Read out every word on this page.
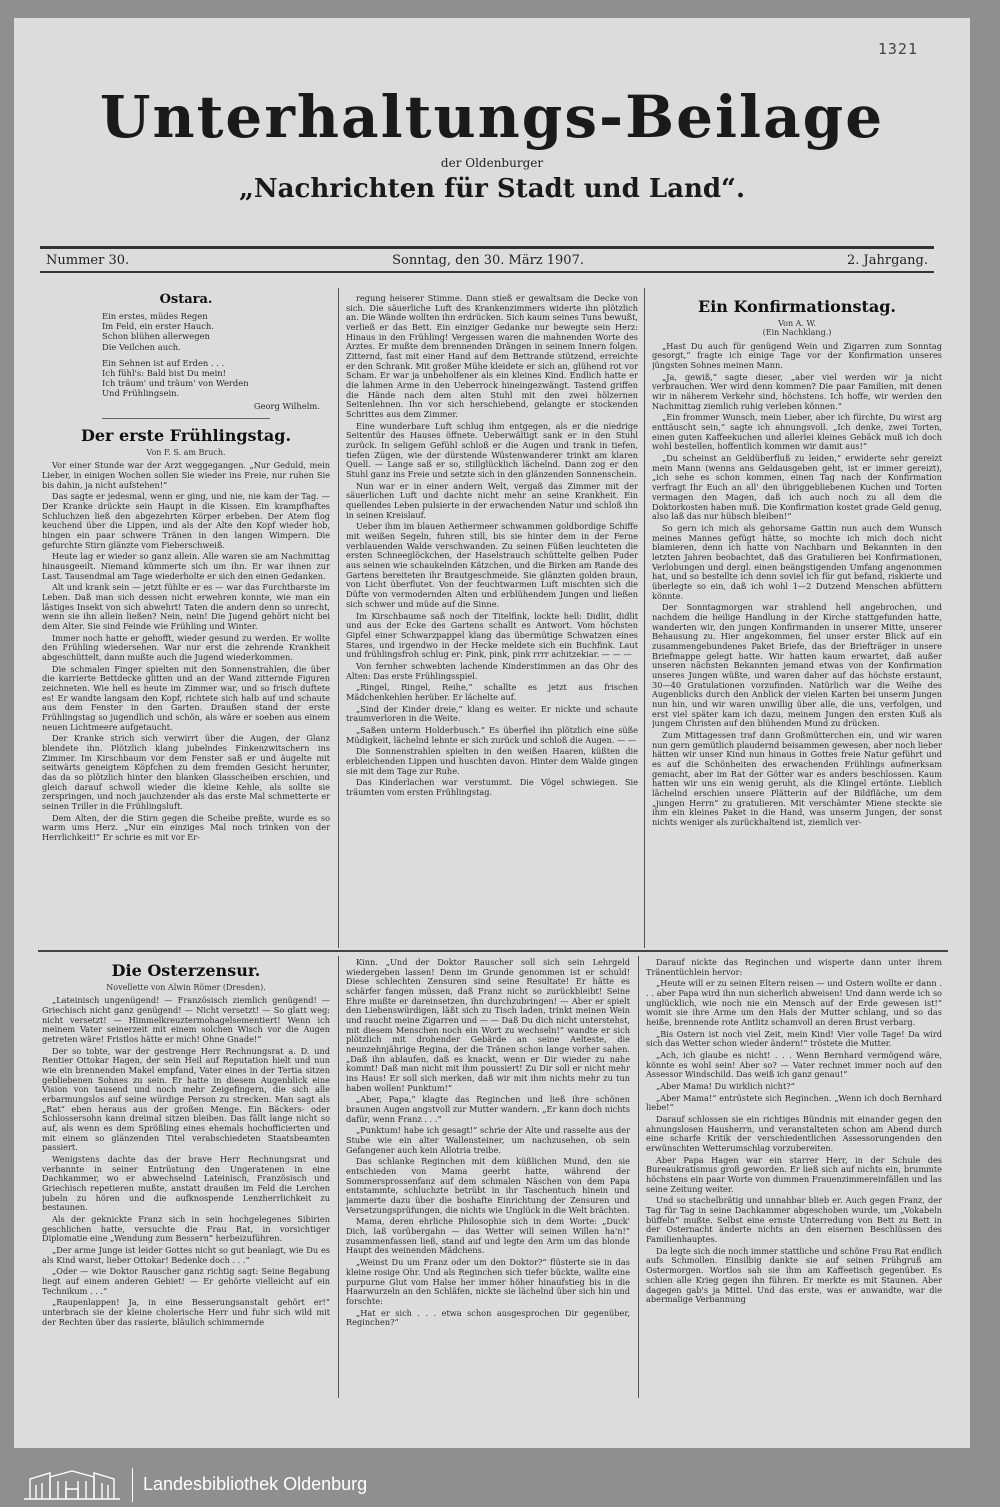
1321
Unterhaltungs-Beilage
der Oldenburger
„Nachrichten für Stadt und Land“.
Nummer 30.	Sonntag, den 30. März 1907.	2. Jahrgang.
Ostara.
Ein erstes, müdes Regen
Im Feld, ein erster Hauch.
Schon blühen allerwegen
Die Veilchen auch.
Ein Sehnen ist auf Erden . . .
Ich fühl's: Bald bist Du mein!
Ich träum' und träum' von Werden
Und Frühlingsein.
Georg Wilhelm.
Der erste Frühlingstag.
Von F. S. am Bruch.

Vor einer Stunde war der Arzt weggegangen. „Nur Geduld, mein Lieber, in einigen Wochen sollen Sie wieder ins Freie, nur ruhen Sie bis dahin, ja nicht aufstehen!“

Das sagte er jedesmal, wenn er ging, und nie, nie kam der Tag. — Der Kranke drückte sein Haupt in die Kissen. Ein krampfhaftes Schluchzen ließ den abgezehrten Körper erbeben. Der Atem flog keuchend über die Lippen, und als der Alte den Kopf wieder hob, hingen ein paar schwere Tränen in den langen Wimpern. Die gefurchte Stirn glänzte vom Fieberschweiß.

Heute lag er wieder so ganz allein. Alle waren sie am Nachmittag hinausgeeilt. Niemand kümmerte sich um ihn. Er war ihnen zur Last. Tausendmal am Tage wiederholte er sich den einen Gedanken.

Alt und krank sein — jetzt fühlte er es — war das Furchtbarste im Leben. Daß man sich dessen nicht erwehren konnte, wie man ein lästiges Insekt von sich abwehrt! Taten die andern denn so unrecht, wenn sie ihn allein ließen? Nein, nein! Die Jugend gehört nicht bei dem Alter. Sie sind Feinde wie Frühling und Winter.

Immer noch hatte er gehofft, wieder gesund zu werden. Er wollte den Frühling wiedersehen. War nur erst die zehrende Krankheit abgeschüttelt, dann mußte auch die Jugend wiederkommen.

Die schmalen Finger spielten mit den Sonnenstrahlen, die über die karrierte Bettdecke glitten und an der Wand zitternde Figuren zeichneten. Wie hell es heute im Zimmer war, und so frisch duftete es! Er wandte langsam den Kopf, richtete sich halb auf und schaute aus dem Fenster in den Garten. Draußen stand der erste Frühlingstag so jugendlich und schön, als wäre er soeben aus einem neuen Lichtmeere aufgetaucht.

Der Kranke strich sich verwirrt über die Augen, der Glanz blendete ihn. Plötzlich klang jubelndes Finkenzwitschern ins Zimmer. Im Kirschbaum vor dem Fenster saß er und äugelte mit seitwärts geneigtem Köpfchen zu dem fremden Gesicht herunter, das da so plötzlich hinter den blanken Glasscheiben erschien, und gleich darauf schwoll wieder die kleine Kehle, als sollte sie zerspringen, und noch jauchzender als das erste Mal schmetterte er seinen Triller in die Frühlingsluft.

Dem Alten, der die Stirn gegen die Scheibe preßte, wurde es so warm ums Herz. „Nur ein einziges Mal noch trinken von der Herrlichkeit!“ Er schrie es mit vor Er-

regung heiserer Stimme. Dann stieß er gewaltsam die Decke von sich. Die säuerliche Luft des Krankenzimmers widerte ihn plötzlich an. Die Wände wollten ihn erdrücken. Sich kaum seines Tuns bewußt, verließ er das Bett. Ein einziger Gedanke nur bewegte sein Herz: Hinaus in den Frühling! Vergessen waren die mahnenden Worte des Arztes. Er mußte dem brennenden Drängen in seinem Innern folgen. Zitternd, fast mit einer Hand auf dem Bettrande stützend, erreichte er den Schrank. Mit großer Mühe kleidete er sich an, glühend rot vor Scham. Er war ja unbeholfener als ein kleines Kind. Endlich hatte er die lahmen Arme in den Ueberrock hineingezwängt. Tastend griffen die Hände nach dem alten Stuhl mit den zwei hölzernen Seitenlehnen. Ihn vor sich herschiebend, gelangte er stockenden Schrittes aus dem Zimmer.

Eine wunderbare Luft schlug ihm entgegen, als er die niedrige Seitentür des Hauses öffnete. Ueberwältigt sank er in den Stuhl zurück. In seligem Gefühl schloß er die Augen und trank in tiefen, tiefen Zügen, wie der dürstende Wüstenwanderer trinkt am klaren Quell. — Lange saß er so, stillglücklich lächelnd. Dann zog er den Stuhl ganz ins Freie und setzte sich in den glänzenden Sonnenschein.

Nun war er in einer andern Welt, vergaß das Zimmer mit der säuerlichen Luft und dachte nicht mehr an seine Krankheit. Ein quellendes Leben pulsierte in der erwachenden Natur und schloß ihn in seinen Kreislauf.

Ueber ihm im blauen Aethermeer schwammen goldbordige Schiffe mit weißen Segeln, fuhren still, bis sie hinter dem in der Ferne verblauenden Walde verschwanden. Zu seinen Füßen leuchteten die ersten Schneeglöckchen, der Haselstrauch schüttelte gelben Puder aus seinen wie schaukelnden Kätzchen, und die Birken am Rande des Gartens bereiteten ihr Brautgeschmeide. Sie glänzten golden braun, von Licht überflutet. Von der feuchtwarmen Luft mischten sich die Düfte von vermodernden Alten und erblühendem Jungen und ließen sich schwer und müde auf die Sinne.

Im Kirschbaume saß noch der Titelfink, lockte hell: Didlit, didlit und aus der Ecke des Gartens schallt es Antwort. Vom höchsten Gipfel einer Schwarzpappel klang das übermütige Schwatzen eines Stares, und irgendwo in der Hecke meldete sich ein Buchfink. Laut und frühlingsfroh schlug er: Pink, pink, pink rrrr achitzekiar. — — —

Von fernher schwebten lachende Kinderstimmen an das Ohr des Alten: Das erste Frühlingsspiel.

„Ringel, Ringel, Reihe,“ schallte es jetzt aus frischen Mädchenkehlen herüber. Er lächelte auf.

„Sind der Kinder dreie,“ klang es weiter. Er nickte und schaute traumverloren in die Weite.

„Saßen unterm Holderbusch.“ Es überfiel ihn plötzlich eine süße Müdigkeit, lächelnd lehnte er sich zurück und schloß die Augen. — —

Die Sonnenstrahlen spielten in den weißen Haaren, küßten die erbleichenden Lippen und huschten davon. Hinter dem Walde gingen sie mit dem Tage zur Ruhe.

Das Kinderlachen war verstummt. Die Vögel schwiegen. Sie träumten vom ersten Frühlingstag.

Ein Konfirmationstag.
Von A. W.
(Ein Nachklang.)

„Hast Du auch für genügend Wein und Zigarren zum Sonntag gesorgt,“ fragte ich einige Tage vor der Konfirmation unseres jüngsten Sohnes meinen Mann.

„Ja, gewiß,“ sagte dieser, „aber viel werden wir ja nicht verbrauchen. Wer wird denn kommen? Die paar Familien, mit denen wir in näherem Verkehr sind, höchstens. Ich hoffe, wir werden den Nachmittag ziemlich ruhig verleben können.“

„Ein frommer Wunsch, mein Lieber, aber ich fürchte, Du wirst arg enttäuscht sein,“ sagte ich ahnungsvoll. „Ich denke, zwei Torten, einen guten Kaffeekuchen und allerlei kleines Gebäck muß ich doch wohl bestellen, hoffentlich kommen wir damit aus!“

„Du scheinst an Geldüberfluß zu leiden,“ erwiderte sehr gereizt mein Mann (wenns ans Geldausgeben geht, ist er immer gereizt), „ich sehe es schon kommen, einen Tag nach der Konfirmation verfragt Ihr Euch an all' den übriggebliebenen Kuchen und Torten vermagen den Magen, daß ich auch noch zu all dem die Doktorkosten haben muß. Die Konfirmation kostet grade Geld genug, also laß das nur hübsch bleiben!“

So gern ich mich als gehorsame Gattin nun auch dem Wunsch meines Mannes gefügt hätte, so mochte ich mich doch nicht blamieren, denn ich hatte von Nachbarn und Bekannten in den letzten Jahren beobachtet, daß das Gratulieren bei Konfirmationen, Verlobungen und dergl. einen beängstigenden Umfang angenommen hat, und so bestellte ich denn soviel ich für gut befand, riskierte und überlegte so ein, daß ich wohl 1—2 Dutzend Menschen abfüttern könnte.

Der Sonntagmorgen war strahlend hell angebrochen, und nachdem die heilige Handlung in der Kirche stattgefunden hatte, wanderten wir, den jungen Konfirmanden in unserer Mitte, unserer Behausung zu. Hier angekommen, fiel unser erster Blick auf ein zusammengebundenes Paket Briefe, das der Briefträger in unsere Briefmappe gelegt hatte. Wir hatten kaum erwartet, daß außer unseren nächsten Bekannten jemand etwas von der Konfirmation unseres Jungen wüßte, und waren daher auf das höchste erstaunt, 30—40 Gratulationen vorzufinden. Natürlich war die Weihe des Augenblicks durch den Anblick der vielen Karten bei unserm Jungen nun hin, und wir waren unwillig über alle, die uns, verfolgen, und erst viel später kam ich dazu, meinem Jungen den ersten Kuß als jungem Christen auf den blühenden Mund zu drücken.

Zum Mittagessen traf dann Großmütterchen ein, und wir waren nun gern gemütlich plaudernd beisammen gewesen, aber noch lieber hätten wir unser Kind nun hinaus in Gottes freie Natur geführt und es auf die Schönheiten des erwachenden Frühlings aufmerksam gemacht, aber im Rat der Götter war es anders beschlossen. Kaum hatten wir uns ein wenig geruht, als die Klingel ertönte. Lieblich lächelnd erschien unsere Plätterin auf der Bildfläche, um dem „jungen Herrn“ zu gratulieren. Mit verschämter Miene steckte sie ihm ein kleines Paket in die Hand, was unserm Jungen, der sonst nichts weniger als zurückhaltend ist, ziemlich ver-

Die Osterzensur.
Novellette von Alwin Römer (Dresden).

„Lateinisch ungenügend! — Französisch ziemlich genügend! — Griechisch nicht ganz genügend! — Nicht versetzt! — So glatt weg: nicht versetzt! — Himmelkreuztermohagelsementiert! Wenn ich meinem Vater seinerzeit mit einem solchen Wisch vor die Augen getreten wäre! Fristlos hätte er mich! Ohne Gnade!“

Der so tobte, war der gestrenge Herr Rechnungsrat a. D. und Rentier Ottokar Hagen, der sein Heil auf Reputation hielt und nun wie ein brennenden Makel empfand, Vater eines in der Tertia sitzen gebliebenen Sohnes zu sein. Er hatte in diesem Augenblick eine Vision von tausend und noch mehr Zeigefingern, die sich alle erbarmungslos auf seine würdige Person zu strecken. Man sagt als „Rat“ eben heraus aus der großen Menge. Ein Bäckers- oder Schlossersohn kann dreimal sitzen bleiben. Das fällt lange nicht so auf, als wenn es dem Sprößling eines ehemals hochofficierten und mit einem so glänzenden Titel verabschiedeten Staatsbeamten passiert.

Wenigstens dachte das der brave Herr Rechnungsrat und verbannte in seiner Entrüstung den Ungeratenen in eine Dachkammer, wo er abwechselnd Lateinisch, Französisch und Griechisch repetieren mußte, anstatt draußen im Feld die Lerchen jubeln zu hören und die aufknospende Lenzherrlichkeit zu bestaunen.

Als der geknickte Franz sich in sein hochgelegenes Sibirien geschlichen hatte, versuchte die Frau Rat, in vorsichtiger Diplomatie eine „Wendung zum Bessern“ herbeizuführen.

„Der arme Junge ist leider Gottes nicht so gut beanlagt, wie Du es als Kind warst, lieber Ottokar! Bedenke doch . . .“

„Oder — wie Doktor Rauscher ganz richtig sagt: Seine Begabung liegt auf einem anderen Gebiet! — Er gehörte vielleicht auf ein Technikum . . .“

„Raupenlappen! Ja, in eine Besserungsanstalt gehört er!“ unterbrach sie der kleine cholerische Herr und fuhr sich wild mit der Rechten über das rasierte, bläulich schimmernde

Kinn. „Und der Doktor Rauscher soll sich sein Lehrgeld wiedergeben lassen! Denn im Grunde genommen ist er schuld! Diese schlechten Zensuren sind seine Resultate! Er hätte es schärfer fangen müssen, daß Franz nicht so zurückbleibt! Seine Ehre mußte er dareinsetzen, ihn durchzubringen! — Aber er spielt den Liebenswürdigen, läßt sich zu Tisch laden, trinkt meinen Wein und raucht meine Zigarren und — — Daß Du dich nicht unterstehst, mit diesem Menschen noch ein Wort zu wechseln!“ wandte er sich plötzlich mit drohender Gebärde an seine Aelteste, die neunzehnjährige Regina, der die Tränen schon lange vorher sahen. „Daß ihn ablaufen, daß es knackt, wenn er Dir wieder zu nahe kommt! Daß man nicht mit ihm poussiert! Zu Dir soll er nicht mehr ins Haus! Er soll sich merken, daß wir mit ihm nichts mehr zu tun haben wollen! Punktum!“

„Aber, Papa,“ klagte das Reginchen und ließ ihre schönen braunen Augen angstvoll zur Mutter wandern. „Er kann doch nichts dafür, wenn Franz . . .“

„Punktum! habe ich gesagt!“ schrie der Alte und rasselte aus der Stube wie ein alter Wallensteiner, um nachzusehen, ob sein Gefangener auch kein Allotria treibe.

Das schlanke Reginchen mit dem küßlichen Mund, den sie entschieden von Mama geerbt hatte, während der Sommersprossenfanz auf dem schmalen Näschen von dem Papa entstammte, schluchzte betrübt in ihr Taschentuch hinein und jammerte dazu über die boshafte Einrichtung der Zensuren und Versetzungsprüfungen, die nichts wie Unglück in die Welt brächten.

Mama, deren ehrliche Philosophie sich in dem Worte: „Duck' Dich, laß vorübergahn — das Wetter will seinen Willen ha'n!“ zusammenfassen ließ, stand auf und legte den Arm um das blonde Haupt des weinenden Mädchens.

„Weinst Du um Franz oder um den Doktor?“ flüsterte sie in das kleine rosige Ohr. Und als Reginchen sich tiefer bückte, wallte eine purpurne Glut vom Halse her immer höher hinaufstieg bis in die Haarwurzeln an den Schläfen, nickte sie lächelnd über sich hin und forschte:

„Hat er sich . . . etwa schon ausgesprochen Dir gegenüber, Reginchen?“

Darauf nickte das Reginchen und wisperte dann unter ihrem Tränentüchlein hervor:

„Heute will er zu seinen Eltern reisen — und Ostern wollte er dann . . . aber Papa wird ihn nun sicherlich abweisen! Und dann werde ich so unglücklich, wie noch nie ein Mensch auf der Erde gewesen ist!“ womit sie ihre Arme um den Hals der Mutter schlang, und so das heiße, brennende rote Antlitz schamvoll an deren Brust verbarg.

„Bis Ostern ist noch viel Zeit, mein Kind! Vier volle Tage! Da wird sich das Wetter schon wieder ändern!“ tröstete die Mutter.

„Ach, ich glaube es nicht! . . . Wenn Bernhard vermögend wäre, könnte es wohl sein! Aber so? — Vater rechnet immer noch auf den Assessor Windschild. Das weiß ich ganz genau!“

„Aber Mama! Du wirklich nicht?“

„Aber Mama!“ entrüstete sich Reginchen. „Wenn ich doch Bernhard liebe!“

Darauf schlossen sie ein richtiges Bündnis mit einander gegen den ahnungslosen Hausherrn, und veranstalteten schon am Abend durch eine scharfe Kritik der verschiedentlichen Assessorungenden den erwünschten Wetterumschlag vorzubereiten.

Aber Papa Hagen war ein starrer Herr, in der Schule des Bureaukratismus groß geworden. Er ließ sich auf nichts ein, brummte höchstens ein paar Worte von dummen Frauenzimmereinfällen und las seine Zeitung weiter.

Und so stachelbrätig und unnahbar blieb er. Auch gegen Franz, der Tag für Tag in seine Dachkammer abgeschoben wurde, um „Vokabeln büffeln“ mußte. Selbst eine ernste Unterredung von Bett zu Bett in der Osternacht änderte nichts an den eisernen Beschlüssen des Familienhauptes.

Da legte sich die noch immer stattliche und schöne Frau Rat endlich aufs Schmollen. Einsilbig dankte sie auf seinen Frühgruß am Ostermorgen. Wortlos sah sie ihm am Kaffeetisch gegenüber. Es schien alle Krieg gegen ihn führen. Er merkte es mit Staunen. Aber dagegen gab's ja Mittel. Und das erste, was er anwandte, war die abermalige Verbannung

Landesbibliothek Oldenburg
